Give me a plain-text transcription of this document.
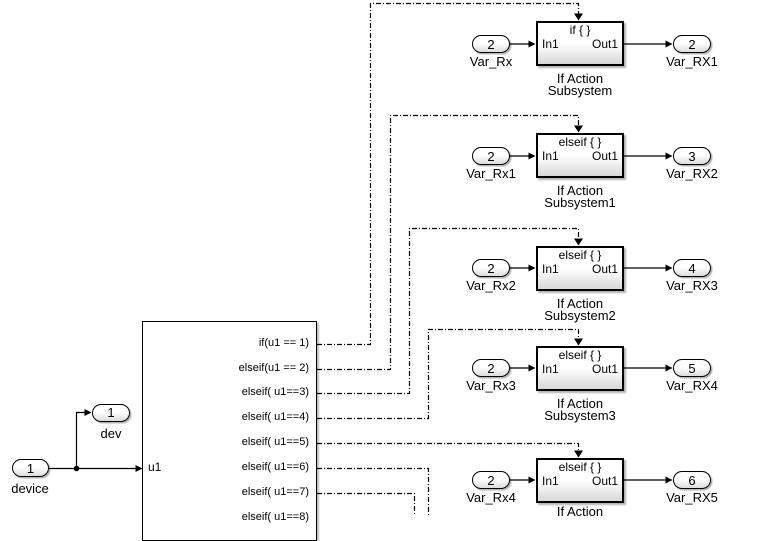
if(u1 == 1)
elseif(u1 == 2)
elseif( u1==3)
elseif( u1==4)
elseif( u1==5)
elseif( u1==6)
elseif( u1==7)
elseif( u1==8)
u1
1
device
1
dev
2
Var_Rx
if { }
In1	Out1
If Action
Subsystem
2
Var_RX1
2
Var_Rx1
elseif { }
In1	Out1
If Action
Subsystem1
3
Var_RX2
2
Var_Rx2
elseif { }
In1	Out1
If Action
Subsystem2
4
Var_RX3
2
Var_Rx3
elseif { }
In1	Out1
If Action
Subsystem3
5
Var_RX4
2
Var_Rx4
elseif { }
In1	Out1
If Action
6
Var_RX5
